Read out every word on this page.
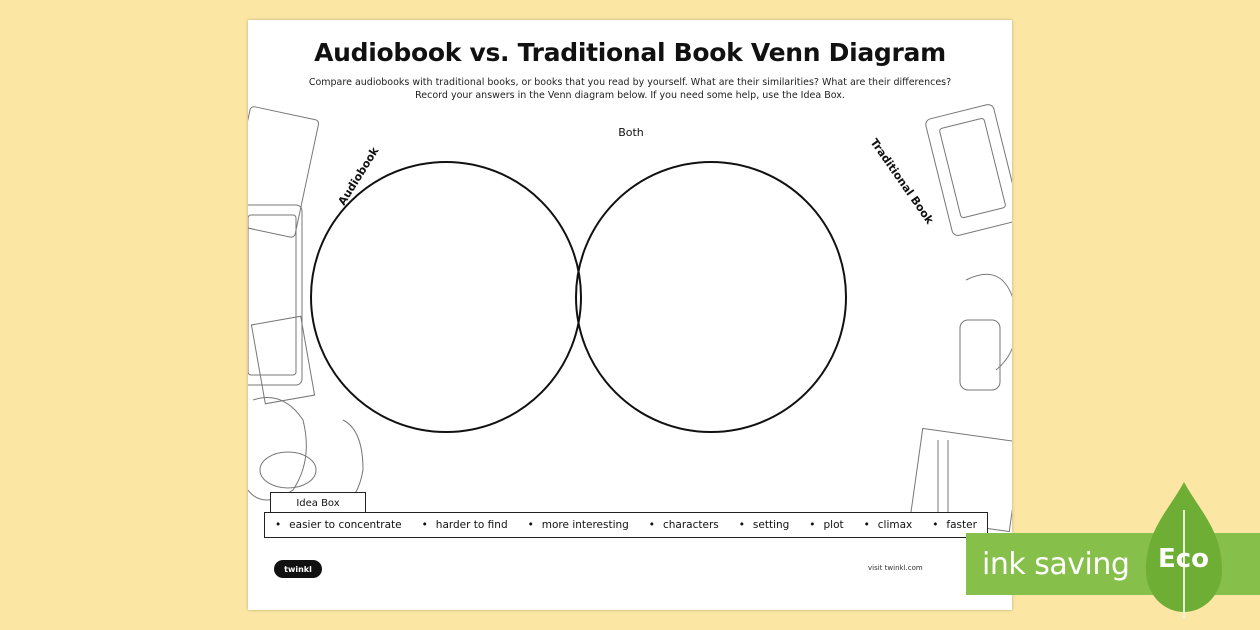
Audiobook	Traditional Book
Both
Audiobook vs. Traditional Book Venn Diagram
Compare audiobooks with traditional books, or books that you read by yourself. What are their similarities? What are their differences?
Record your answers in the Venn diagram below. If you need some help, use the Idea Box.
Idea Box
• easier to concentrate	• harder to find	• more interesting	• characters	• setting	• plot	• climax	• faster
twinkl	visit twinkl.com ink saving Eco
